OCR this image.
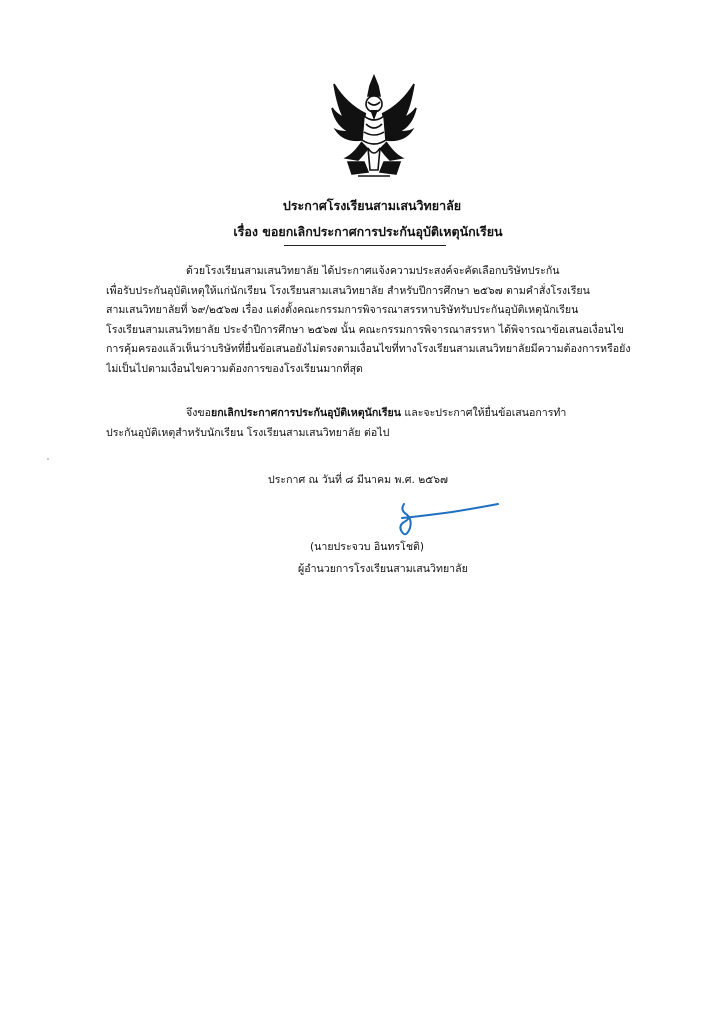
ประกาศโรงเรียนสามเสนวิทยาลัย
เรื่อง ขอยกเลิกประกาศการประกันอุบัติเหตุนักเรียน
ด้วยโรงเรียนสามเสนวิทยาลัย ได้ประกาศแจ้งความประสงค์จะคัดเลือกบริษัทประกัน
เพื่อรับประกันอุบัติเหตุให้แก่นักเรียน โรงเรียนสามเสนวิทยาลัย สำหรับปีการศึกษา ๒๕๖๗ ตามคำสั่งโรงเรียน
สามเสนวิทยาลัยที่ ๖๙/๒๕๖๗ เรื่อง แต่งตั้งคณะกรรมการพิจารณาสรรหาบริษัทรับประกันอุบัติเหตุนักเรียน
โรงเรียนสามเสนวิทยาลัย ประจำปีการศึกษา ๒๕๖๗ นั้น คณะกรรมการพิจารณาสรรหา ได้พิจารณาข้อเสนอเงื่อนไข
การคุ้มครองแล้วเห็นว่าบริษัทที่ยื่นข้อเสนอยังไม่ตรงตามเงื่อนไขที่ทางโรงเรียนสามเสนวิทยาลัยมีความต้องการหรือยัง
ไม่เป็นไปตามเงื่อนไขความต้องการของโรงเรียนมากที่สุด
จึงขอยกเลิกประกาศการประกันอุบัติเหตุนักเรียน และจะประกาศให้ยื่นข้อเสนอการทำ
ประกันอุบัติเหตุสำหรับนักเรียน โรงเรียนสามเสนวิทยาลัย ต่อไป
ประกาศ ณ วันที่ ๘ มีนาคม พ.ศ. ๒๕๖๗
(นายประจวบ อินทรโชติ)
ผู้อำนวยการโรงเรียนสามเสนวิทยาลัย
